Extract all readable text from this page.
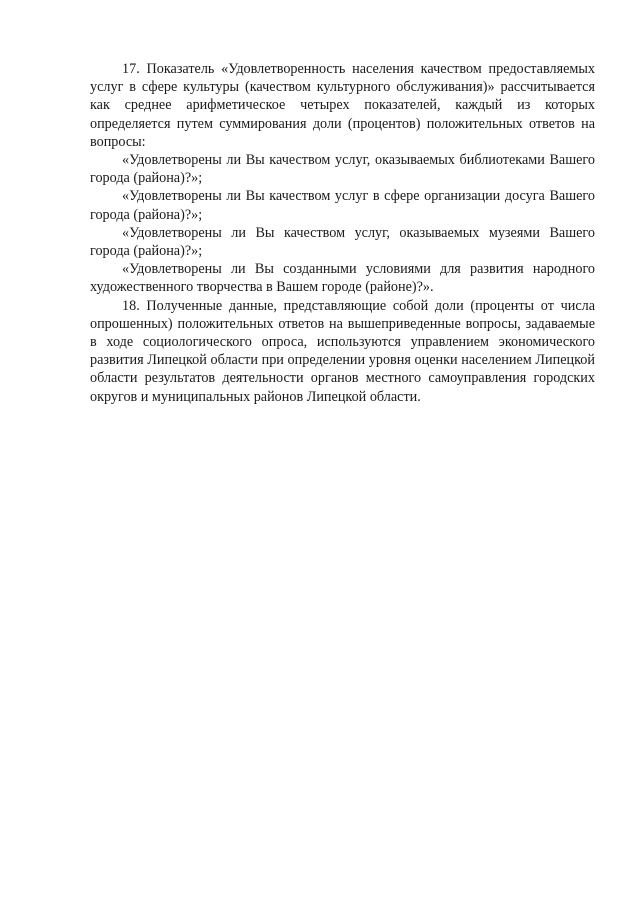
17. Показатель «Удовлетворенность населения качеством предоставляемых услуг в сфере культуры (качеством культурного обслуживания)» рассчитывается как среднее арифметическое четырех показателей, каждый из которых определяется путем суммирования доли (процентов) положительных ответов на вопросы:

«Удовлетворены ли Вы качеством услуг, оказываемых библиотеками Вашего города (района)?»;

«Удовлетворены ли Вы качеством услуг в сфере организации досуга Вашего города (района)?»;

«Удовлетворены ли Вы качеством услуг, оказываемых музеями Вашего города (района)?»;

«Удовлетворены ли Вы созданными условиями для развития народного художественного творчества в Вашем городе (районе)?».

18. Полученные данные, представляющие собой доли (проценты от числа опрошенных) положительных ответов на вышеприведенные вопросы, задаваемые в ходе социологического опроса, используются управлением экономического развития Липецкой области при определении уровня оценки населением Липецкой области результатов деятельности органов местного самоуправления городских округов и муниципальных районов Липецкой области.
